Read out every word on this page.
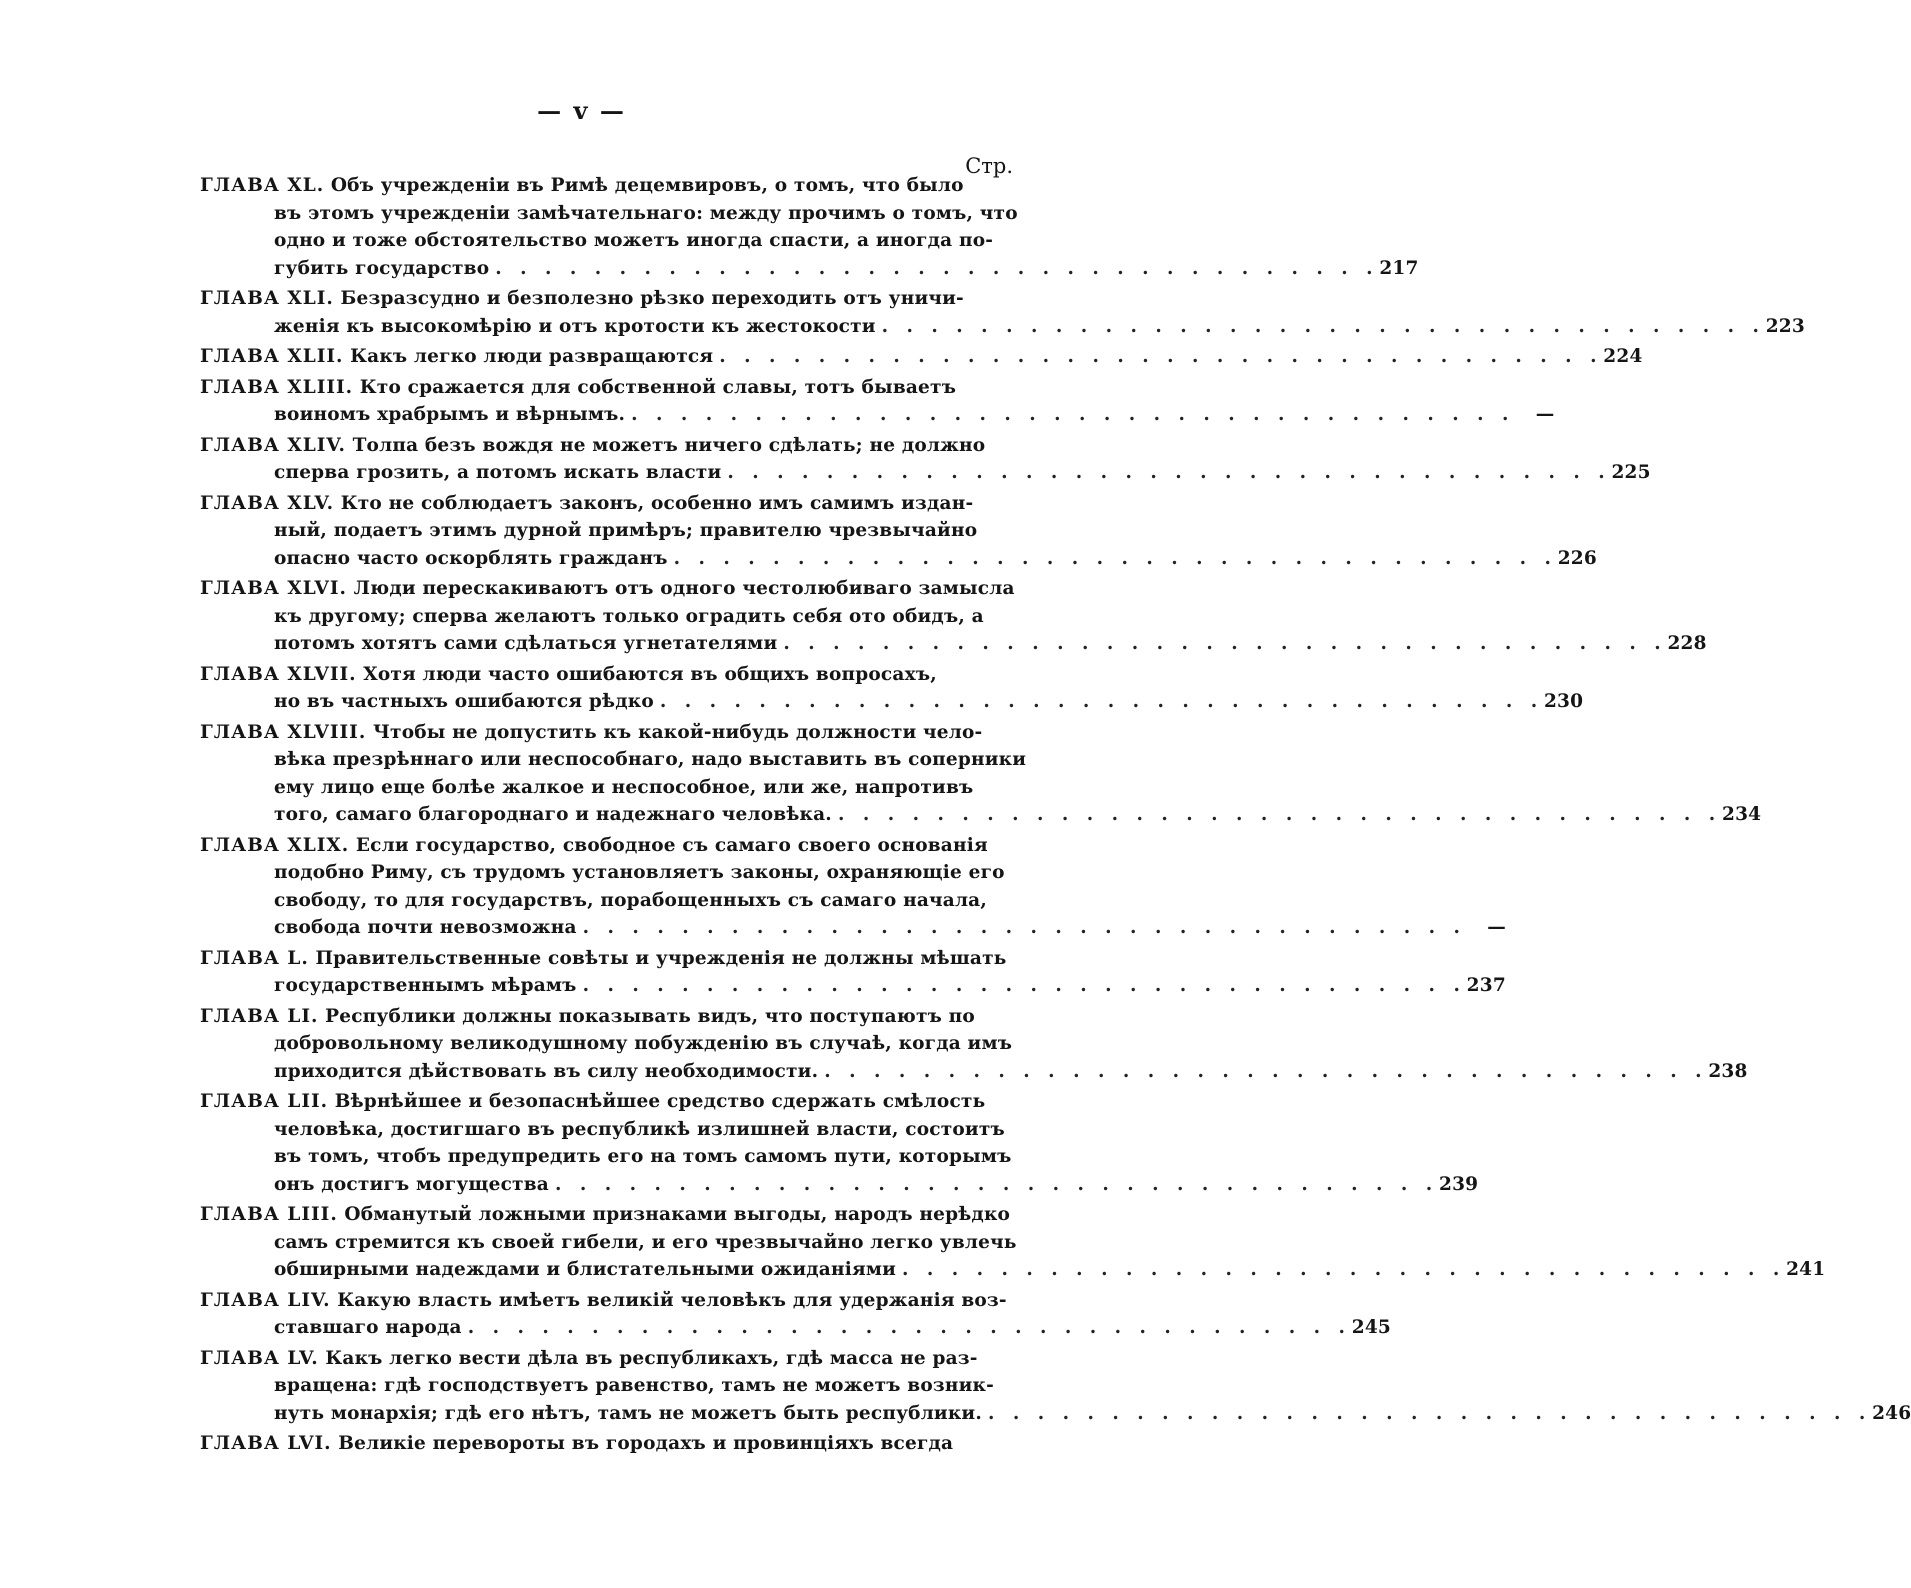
— v —
Стр.
ГЛАВА XL. Объ учрежденіи въ Римѣ децемвировъ, о томъ, что было
въ этомъ учрежденіи замѣчательнаго: между прочимъ о томъ, что
одно и тоже обстоятельство можетъ иногда спасти, а иногда по-
губить государство . . . . . . . . . . . . . . . . . . . . . . . . . . . . . . . . . . . . 217
ГЛАВА XLI. Безразсудно и безполезно рѣзко переходить отъ уничи-
женія къ высокомѣрію и отъ кротости къ жестокости . . . . . . . . . . . . . . . . . . . . . . . . . . . . . . . . . . . . 223
ГЛАВА XLII. Какъ легко люди развращаются . . . . . . . . . . . . . . . . . . . . . . . . . . . . . . . . . . . . 224
ГЛАВА XLIII. Кто сражается для собственной славы, тотъ бываетъ
воиномъ храбрымъ и вѣрнымъ. . . . . . . . . . . . . . . . . . . . . . . . . . . . . . . . . . . . .	—
ГЛАВА XLIV. Толпа безъ вождя не можетъ ничего сдѣлать; не должно
сперва грозить, а потомъ искать власти . . . . . . . . . . . . . . . . . . . . . . . . . . . . . . . . . . . . 225
ГЛАВА XLV. Кто не соблюдаетъ законъ, особенно имъ самимъ издан-
ный, подаетъ этимъ дурной примѣръ; правителю чрезвычайно
опасно часто оскорблять гражданъ . . . . . . . . . . . . . . . . . . . . . . . . . . . . . . . . . . . . 226
ГЛАВА XLVI. Люди перескакиваютъ отъ одного честолюбиваго замысла
къ другому; сперва желаютъ только оградить себя ото обидъ, а
потомъ хотятъ сами сдѣлаться угнетателями . . . . . . . . . . . . . . . . . . . . . . . . . . . . . . . . . . . . 228
ГЛАВА XLVII. Хотя люди часто ошибаются въ общихъ вопросахъ,
но въ частныхъ ошибаются рѣдко . . . . . . . . . . . . . . . . . . . . . . . . . . . . . . . . . . . . 230
ГЛАВА XLVIII. Чтобы не допустить къ какой-нибудь должности чело-
вѣка презрѣннаго или неспособнаго, надо выставить въ соперники
ему лицо еще болѣе жалкое и неспособное, или же, напротивъ
того, самаго благороднаго и надежнаго человѣка. . . . . . . . . . . . . . . . . . . . . . . . . . . . . . . . . . . . . 234
ГЛАВА XLIX. Если государство, свободное съ самаго своего основанія
подобно Риму, съ трудомъ установляетъ законы, охраняющіе его
свободу, то для государствъ, порабощенныхъ съ самаго начала,
свобода почти невозможна . . . . . . . . . . . . . . . . . . . . . . . . . . . . . . . . . . . .	—
ГЛАВА L. Правительственные совѣты и учрежденія не должны мѣшать
государственнымъ мѣрамъ . . . . . . . . . . . . . . . . . . . . . . . . . . . . . . . . . . . . 237
ГЛАВА LI. Республики должны показывать видъ, что поступаютъ по
добровольному великодушному побужденію въ случаѣ, когда имъ
приходится дѣйствовать въ силу необходимости. . . . . . . . . . . . . . . . . . . . . . . . . . . . . . . . . . . . . 238
ГЛАВА LII. Вѣрнѣйшее и безопаснѣйшее средство сдержать смѣлость
человѣка, достигшаго въ республикѣ излишней власти, состоитъ
въ томъ, чтобъ предупредить его на томъ самомъ пути, которымъ
онъ достигъ могущества . . . . . . . . . . . . . . . . . . . . . . . . . . . . . . . . . . . . 239
ГЛАВА LIII. Обманутый ложными признаками выгоды, народъ нерѣдко
самъ стремится къ своей гибели, и его чрезвычайно легко увлечь
обширными надеждами и блистательными ожиданіями . . . . . . . . . . . . . . . . . . . . . . . . . . . . . . . . . . . . 241
ГЛАВА LIV. Какую власть имѣетъ великій человѣкъ для удержанія воз-
ставшаго народа . . . . . . . . . . . . . . . . . . . . . . . . . . . . . . . . . . . . 245
ГЛАВА LV. Какъ легко вести дѣла въ республикахъ, гдѣ масса не раз-
вращена: гдѣ господствуетъ равенство, тамъ не можетъ возник-
нуть монархія; гдѣ его нѣтъ, тамъ не можетъ быть республики. . . . . . . . . . . . . . . . . . . . . . . . . . . . . . . . . . . . . 246
ГЛАВА LVI. Великіе перевороты въ городахъ и провинціяхъ всегда
